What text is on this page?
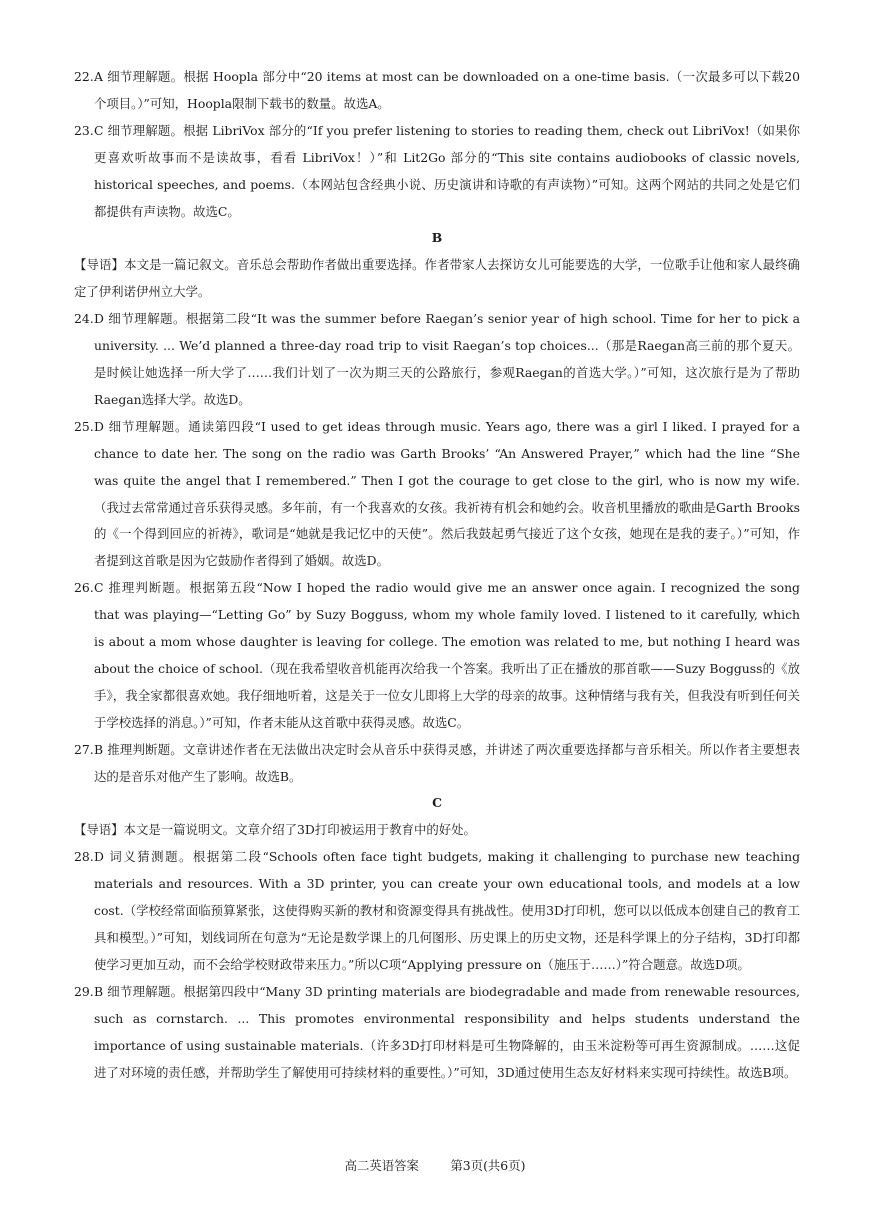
22. A 细节理解题。根据 Hoopla 部分中“20 items at most can be downloaded on a one-time basis.（一次最多可以下载20个项目。）”可知，Hoopla限制下载书的数量。故选A。
23. C 细节理解题。根据 LibriVox 部分的“If you prefer listening to stories to reading them, check out LibriVox!（如果你更喜欢听故事而不是读故事，看看 LibriVox！）”和 Lit2Go 部分的“This site contains audiobooks of classic novels, historical speeches, and poems.（本网站包含经典小说、历史演讲和诗歌的有声读物）”可知。这两个网站的共同之处是它们都提供有声读物。故选C。
B
【导语】本文是一篇记叙文。音乐总会帮助作者做出重要选择。作者带家人去探访女儿可能要选的大学，一位歌手让他和家人最终确定了伊利诺伊州立大学。
24. D 细节理解题。根据第二段“It was the summer before Raegan’s senior year of high school. Time for her to pick a university. ... We’d planned a three-day road trip to visit Raegan’s top choices...（那是Raegan高三前的那个夏天。是时候让她选择一所大学了……我们计划了一次为期三天的公路旅行，参观Raegan的首选大学。）”可知，这次旅行是为了帮助Raegan选择大学。故选D。
25. D 细节理解题。通读第四段“I used to get ideas through music. Years ago, there was a girl I liked. I prayed for a chance to date her. The song on the radio was Garth Brooks’ “An Answered Prayer,” which had the line “She was quite the angel that I remembered.” Then I got the courage to get close to the girl, who is now my wife.（我过去常常通过音乐获得灵感。多年前，有一个我喜欢的女孩。我祈祷有机会和她约会。收音机里播放的歌曲是Garth Brooks的《一个得到回应的祈祷》，歌词是“她就是我记忆中的天使”。然后我鼓起勇气接近了这个女孩，她现在是我的妻子。）”可知，作者提到这首歌是因为它鼓励作者得到了婚姻。故选D。
26. C 推理判断题。根据第五段“Now I hoped the radio would give me an answer once again. I recognized the song that was playing—“Letting Go” by Suzy Bogguss, whom my whole family loved. I listened to it carefully, which is about a mom whose daughter is leaving for college. The emotion was related to me, but nothing I heard was about the choice of school.（现在我希望收音机能再次给我一个答案。我听出了正在播放的那首歌——Suzy Bogguss的《放手》，我全家都很喜欢她。我仔细地听着，这是关于一位女儿即将上大学的母亲的故事。这种情绪与我有关，但我没有听到任何关于学校选择的消息。）”可知，作者未能从这首歌中获得灵感。故选C。
27. B 推理判断题。文章讲述作者在无法做出决定时会从音乐中获得灵感，并讲述了两次重要选择都与音乐相关。所以作者主要想表达的是音乐对他产生了影响。故选B。
C
【导语】本文是一篇说明文。文章介绍了3D打印被运用于教育中的好处。
28. D 词义猜测题。根据第二段“Schools often face tight budgets, making it challenging to purchase new teaching materials and resources. With a 3D printer, you can create your own educational tools, and models at a low cost.（学校经常面临预算紧张，这使得购买新的教材和资源变得具有挑战性。使用3D打印机，您可以以低成本创建自己的教育工具和模型。）”可知，划线词所在句意为“无论是数学课上的几何图形、历史课上的历史文物，还是科学课上的分子结构，3D打印都使学习更加互动，而不会给学校财政带来压力。”所以C项“Applying pressure on（施压于……）”符合题意。故选D项。
29. B 细节理解题。根据第四段中“Many 3D printing materials are biodegradable and made from renewable resources, such as cornstarch. ... This promotes environmental responsibility and helps students understand the importance of using sustainable materials.（许多3D打印材料是可生物降解的，由玉米淀粉等可再生资源制成。……这促进了对环境的责任感，并帮助学生了解使用可持续材料的重要性。）”可知，3D通过使用生态友好材料来实现可持续性。故选B项。
高二英语答案	第3页(共6页)
